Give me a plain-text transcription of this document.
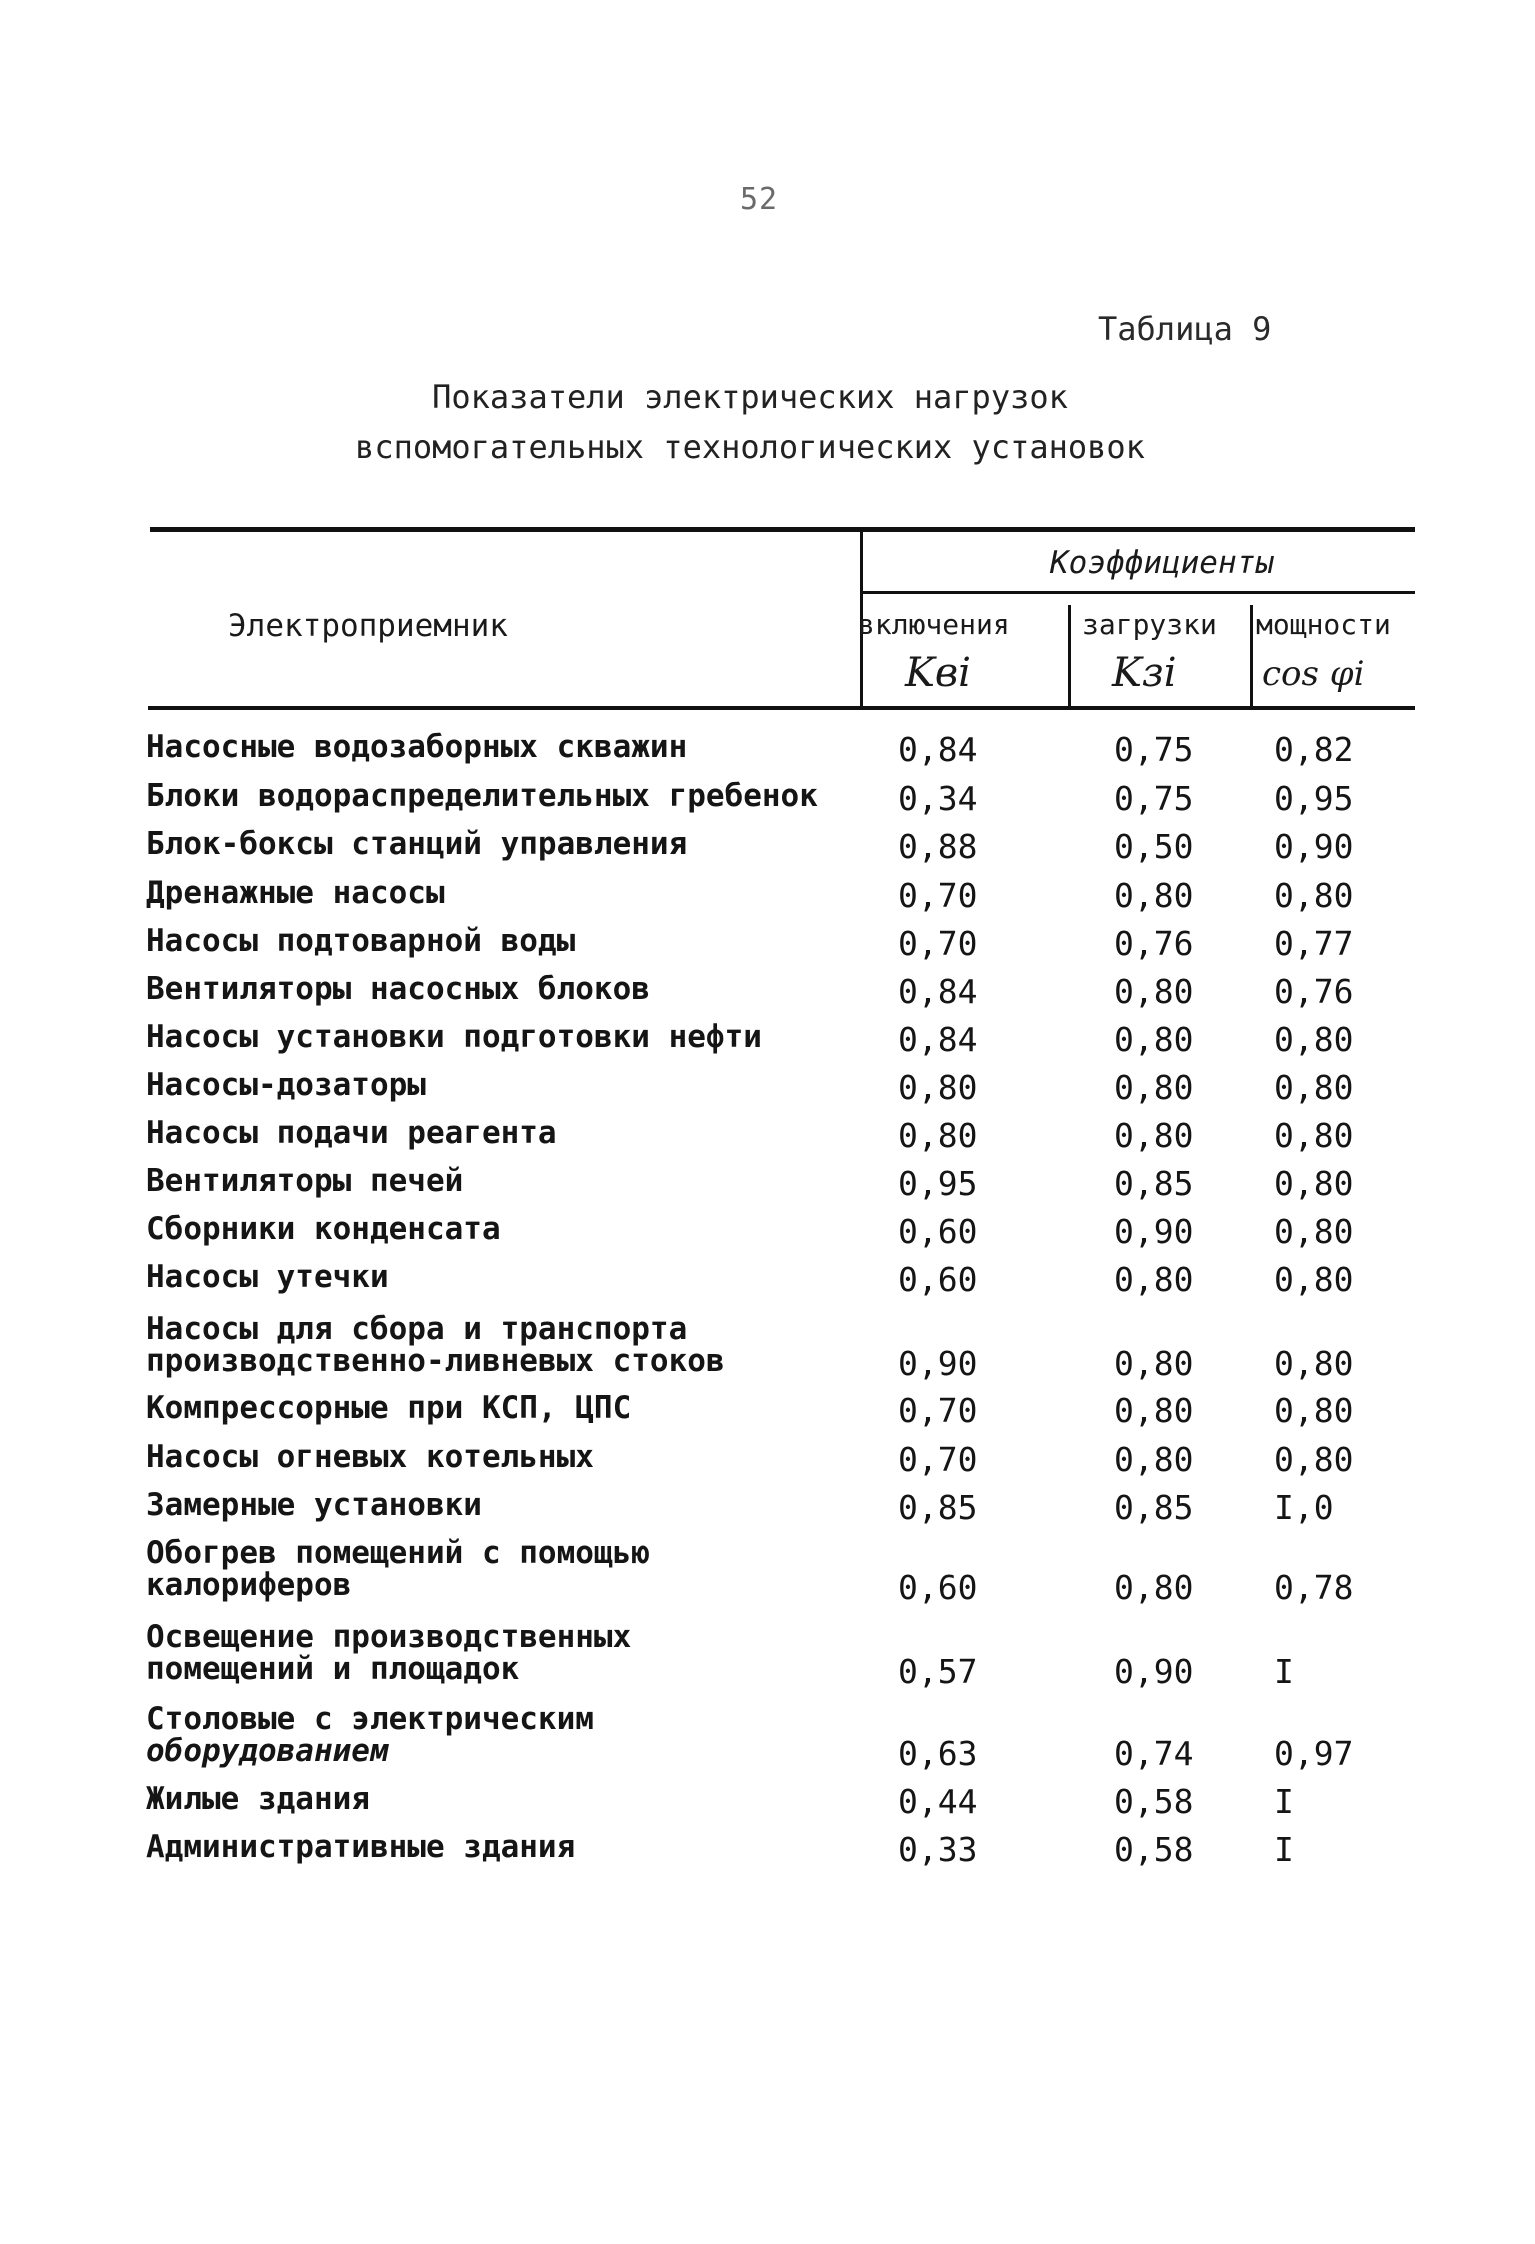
52
Таблица 9
Показатели электрических нагрузок
вспомогательных технологических установок
Электроприемник
Коэффициенты
включения	загрузки мощности
Kвi	Kзi	cos φi
Насосные водозаборных скважин	0,84	0,75 0,82
Блоки водораспределительных гребенок 0,34	0,75 0,95
Блок-боксы станций управления	0,88	0,50 0,90
Дренажные насосы	0,70	0,80 0,80
Насосы подтоварной воды	0,70	0,76 0,77
Вентиляторы насосных блоков	0,84	0,80 0,76
Насосы установки подготовки нефти	0,84	0,80 0,80
Насосы-дозаторы	0,80	0,80 0,80
Насосы подачи реагента	0,80	0,80 0,80
Вентиляторы печей	0,95	0,85 0,80
Сборники конденсата	0,60	0,90 0,80
Насосы утечки	0,60	0,80 0,80
Насосы для сбора и транспорта
производственно-ливневых стоков	0,90	0,80 0,80
Компрессорные при КСП, ЦПС	0,70	0,80 0,80
Насосы огневых котельных	0,70	0,80 0,80
Замерные установки	0,85	0,85 I,0
Обогрев помещений с помощью
калориферов	0,60	0,80 0,78
Освещение производственных
помещений и площадок	0,57	0,90 I
Столовые с электрическим
оборудованием	0,63	0,74 0,97
Жилые здания	0,44	0,58 I
Административные здания	0,33	0,58 I
